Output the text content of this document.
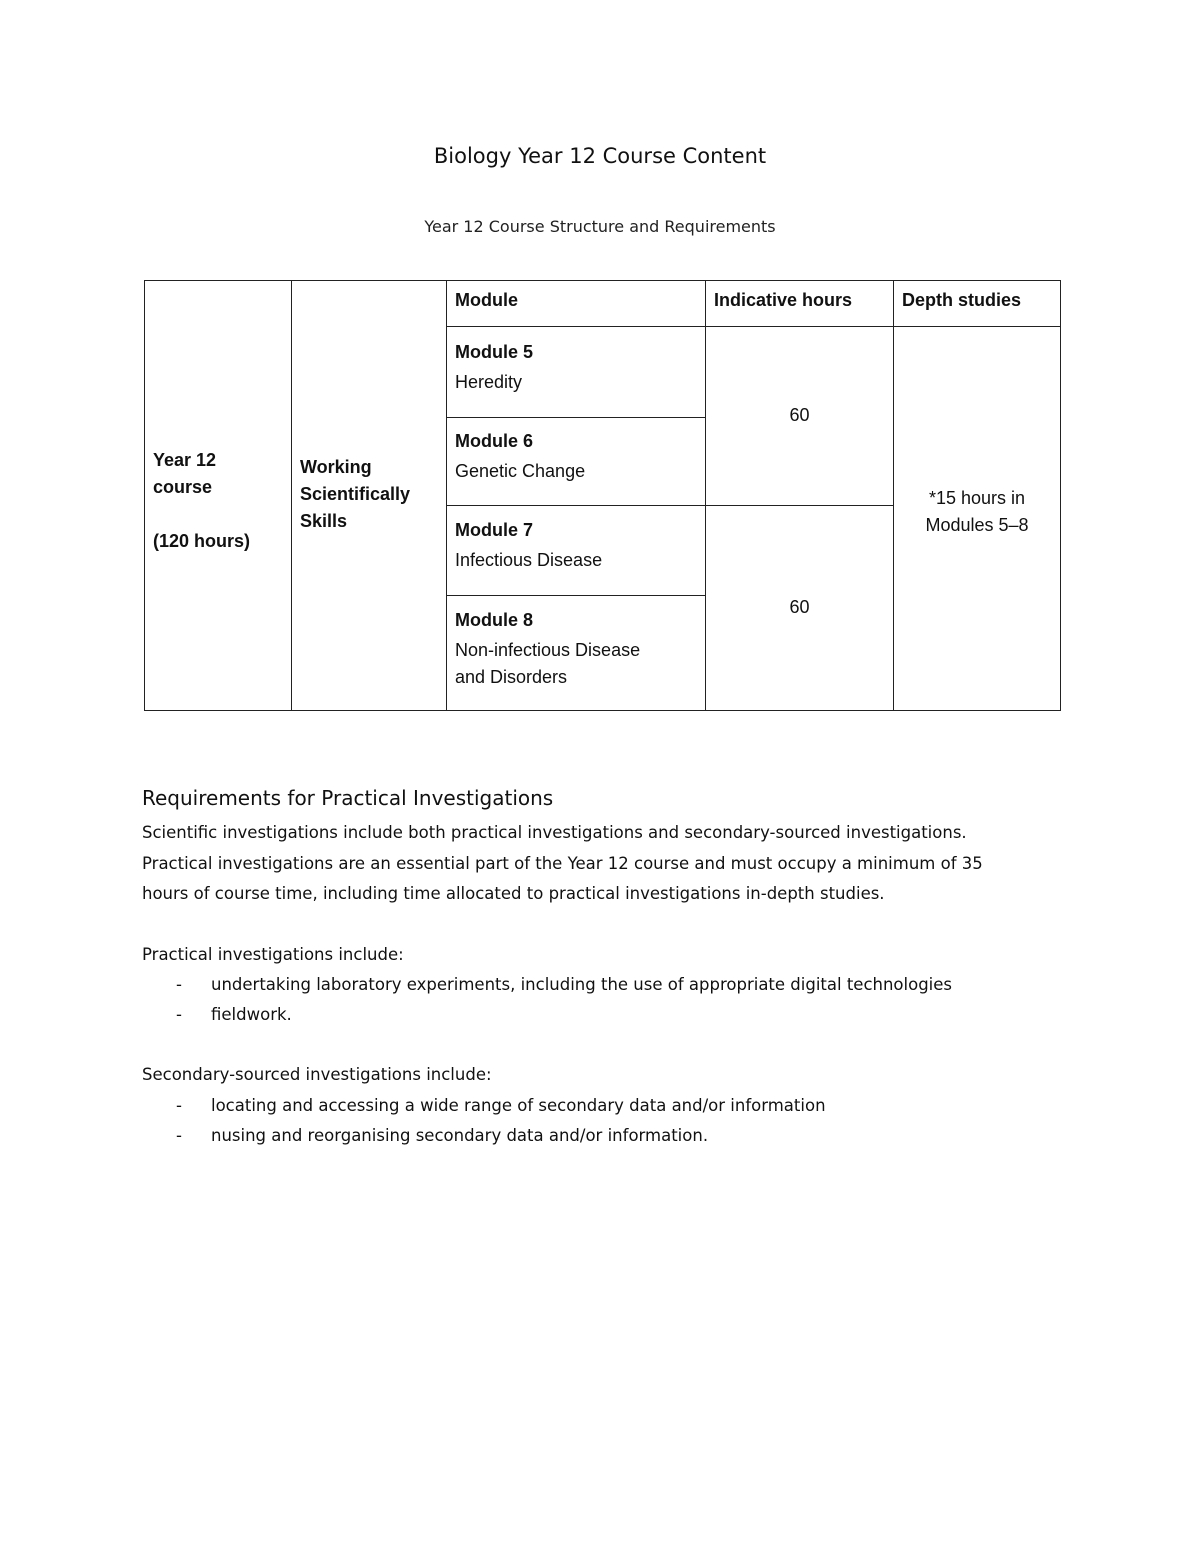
Biology Year 12 Course Content
Year 12 Course Structure and Requirements
Year 12
course
(120 hours)
Working
Scientifically
Skills
Module	Indicative hours	Depth studies
Module 5
Heredity
Module 6
Genetic Change
Module 7
Infectious Disease
Module 8
Non-infectious Disease and Disorders
60
60
*15 hours in
Modules 5–8
Requirements for Practical Investigations
Scientific investigations include both practical investigations and secondary-sourced investigations.
Practical investigations are an essential part of the Year 12 course and must occupy a minimum of 35
hours of course time, including time allocated to practical investigations in-depth studies.
Practical investigations include:
- undertaking laboratory experiments, including the use of appropriate digital technologies
- fieldwork.
Secondary-sourced investigations include:
- locating and accessing a wide range of secondary data and/or information
- nusing and reorganising secondary data and/or information.
